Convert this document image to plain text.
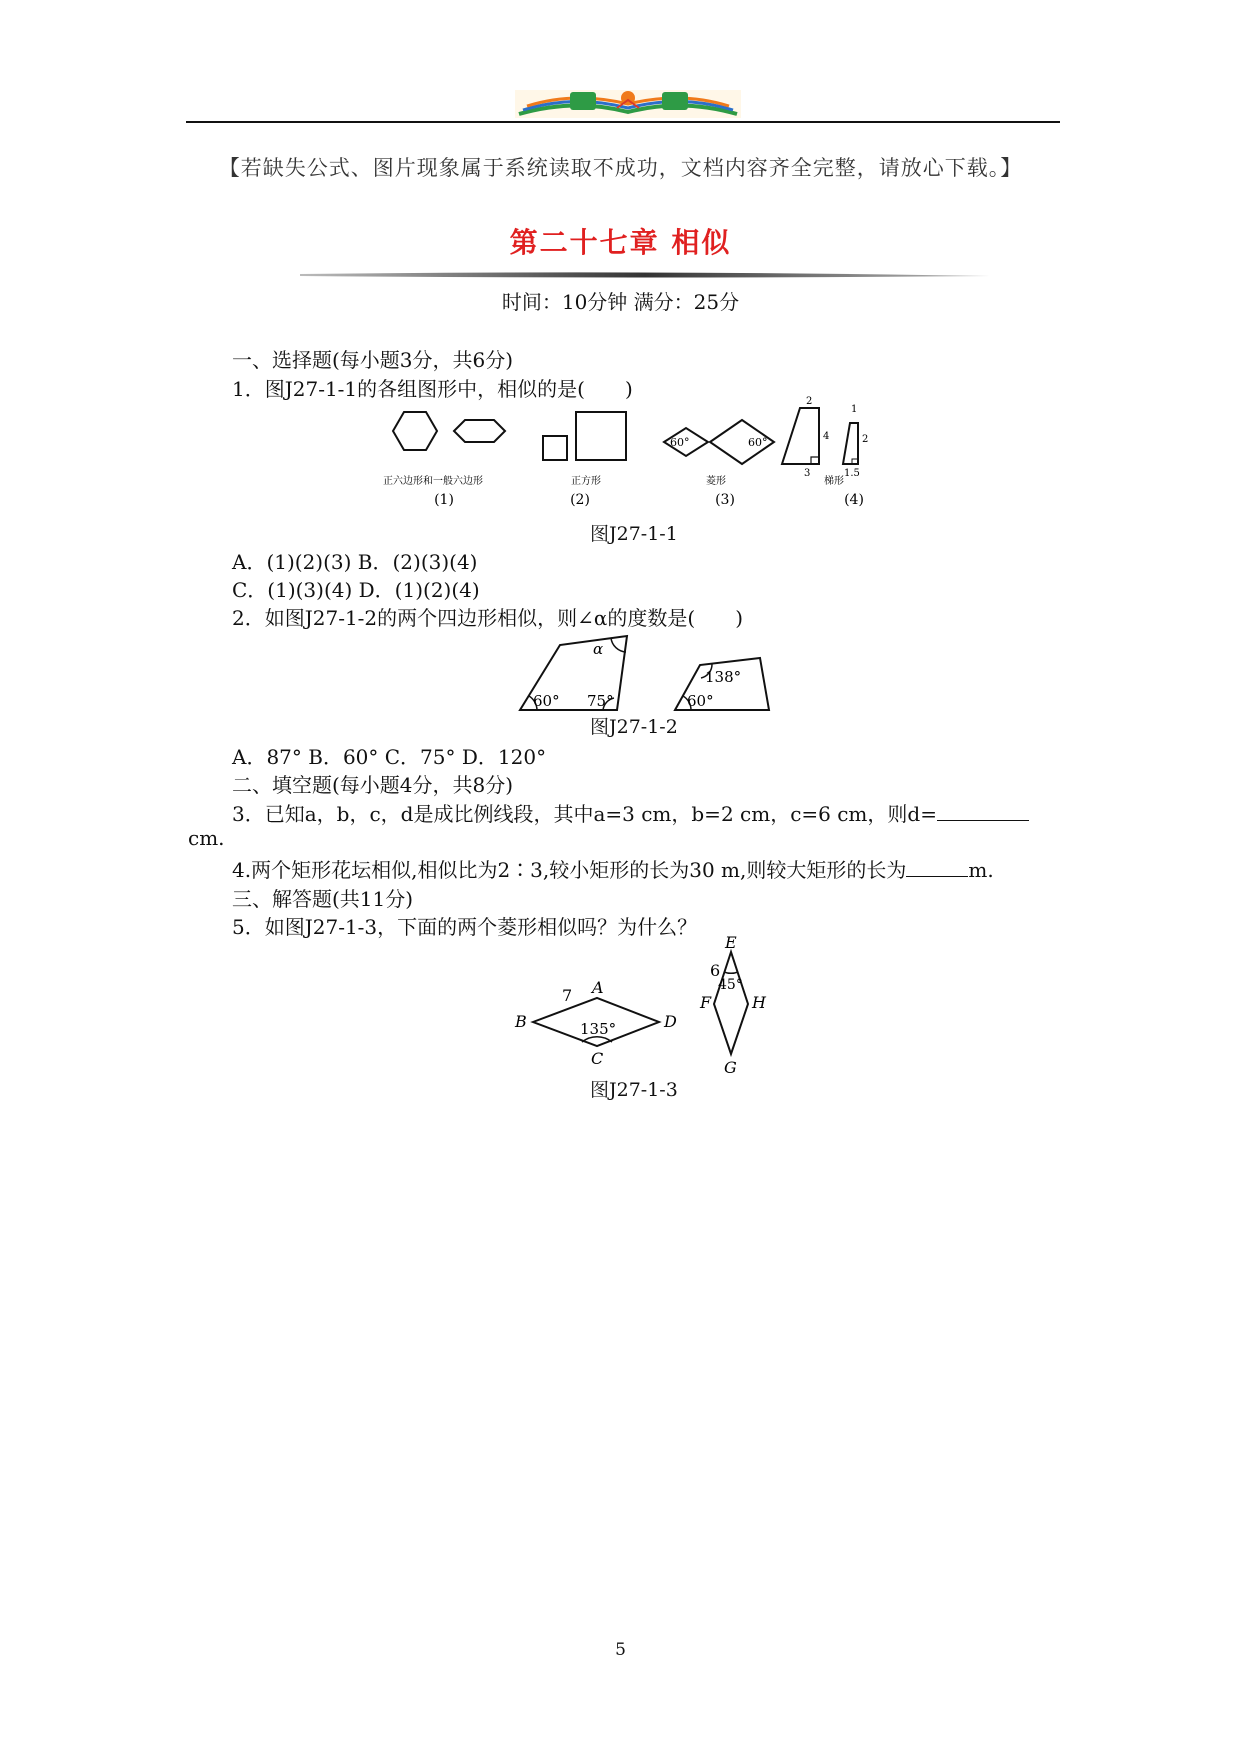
【若缺失公式、图片现象属于系统读取不成功，文档内容齐全完整，请放心下载。】
第二十七章 相似
时间：10分钟 满分：25分
一、选择题(每小题3分，共6分)
1．图J27-1-1的各组图形中，相似的是(　　)
正六边形和一般六边形
(1)
正方形
(2)
60°	60°
菱形
(3)
2
4
3
1
2
1.5
梯形
(4)
图J27-1-1
A．(1)(2)(3) B．(2)(3)(4)
C．(1)(3)(4) D．(1)(2)(4)
2．如图J27-1-2的两个四边形相似，则∠α的度数是(　　)
α
60° 75°
138°
60°
图J27-1-2
A．87° B．60° C．75° D．120°
二、填空题(每小题4分，共8分)
3．已知a，b，c，d是成比例线段，其中a=3 cm，b=2 cm，c=6 cm，则d=
cm.
4.两个矩形花坛相似,相似比为2∶3,较小矩形的长为30 m,则较大矩形的长为	m.
三、解答题(共11分)
5．如图J27-1-3，下面的两个菱形相似吗？为什么？
A
B
C
D
7
135°
E
F
G
H
6
45°
图J27-1-3
5
